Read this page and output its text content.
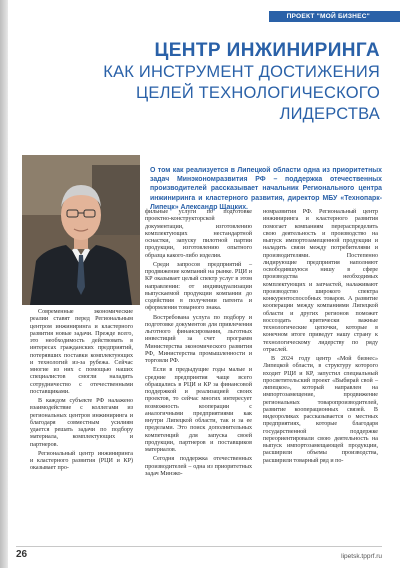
ПРОЕКТ "МОЙ БИЗНЕС"
ЦЕНТР ИНЖИНИРИНГА
КАК ИНСТРУМЕНТ ДОСТИЖЕНИЯ
ЦЕЛЕЙ ТЕХНОЛОГИЧЕСКОГО
ЛИДЕРСТВА
О том как реализуется в Липецкой области одна из приоритетных задач Минэкономразвития РФ – поддержка отечественных производителей рассказывает начальник Регионального центра инжиниринга и кластерного развития, директор МБУ «Технопарк-Липецк» Александр Щацких.

Современные экономические реалии ставят перед Региональным центром инжиниринга и кластерного развития новые задачи. Прежде всего, это необходимость действовать в интересах гражданских предприятий, потерявших поставки комплектующих и технологий из-за рубежа. Сейчас многие из них с помощью наших специалистов смогли наладить сотрудничество с отечественными поставщиками.

В каждом субъекте РФ налажено взаимодействие с коллегами из региональных центров инжиниринга и благодаря совместным усилиям удается решать задачи по подбору материала, комплектующих и партнеров.

Региональный центр инжиниринга и кластерного развития (РЦИ и КР) оказывает про-

фильные услуги по подготовке проектно-конструкторской документации, изготовлению комплектующих нестандартной оснастки, запуску пилотной партии продукции, изготовлению опытного образца какого-либо изделия.

Среди запросов предприятий – продвижение компаний на рынке. РЦИ и КР оказывает целый спектр услуг в этом направлении: от индивидуализации выпускаемой продукции компании до содействия в получении патента и оформления товарного знака.

Востребована услуга по подбору и подготовке документов для привлечения льготного финансирования, льготных инвестиций за счет программ Министерства экономического развития РФ, Министерства промышленности и торговли РФ.

Если в предыдущие годы малые и средние предприятия чаще всего обращались в РЦИ и КР за финансовой поддержкой и реализацией своих проектов, то сейчас многих интересует возможность кооперации с аналогичными предприятиями как внутри Липецкой области, так и за ее пределами. Это поиск дополнительных компетенций для запуска своей продукции, партнеров и поставщиков материалов.

Сегодня поддержка отечественных производителей – одна из приоритетных задач Минэко-

номразвития РФ. Региональный центр инжиниринга и кластерного развития помогает компаниям перераспределить свою деятельность и производство на выпуск импортозамещенной продукции и наладить связи между потребителями и производителями. Постепенно лидирующие предприятия наполняют освободившуюся нишу в сфере производства необходимых комплектующих и запчастей, налаживают производство широкого спектра конкурентоспособных товаров. А развитие кооперации между компаниями Липецкой области и других регионов поможет воссоздать критически важные технологические цепочки, которые в конечном итоге приведут нашу страну к технологическому лидерству по ряду отраслей.

В 2024 году центр «Мой бизнес» Липецкой области, в структуру которого входит РЦИ и КР, запустил специальный просветительский проект «Выбирай свой – липецкое», который направлен на импортозамещение, продвижение региональных товаропроизводителей, развитие кооперационных связей. В видеороликах рассказывается о местных предприятиях, которые благодаря государственной поддержке переориентировали свою деятельность на выпуск импортозамещающей продукции, расширили объемы производства, расширили товарный ряд и по-

26	lipetsk.tpprf.ru
